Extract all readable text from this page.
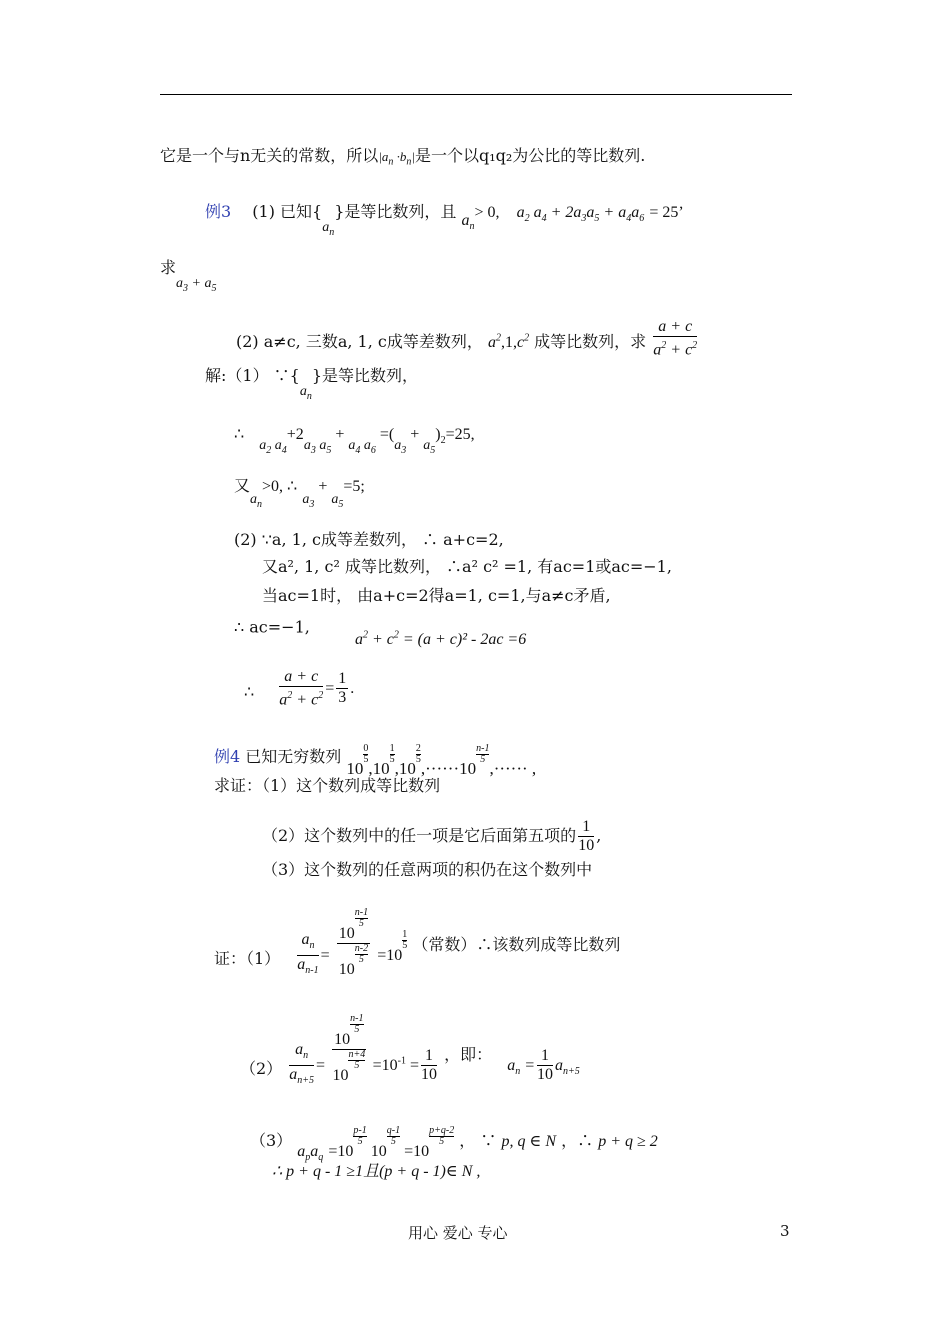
它是一个与n无关的常数，所以$|a_n \cdot b_n|$是一个以q₁q₂为公比的等比数列.
例3 (1) 已知$\{a_n\}$是等比数列，且 $a_n> 0$, $a_2$ $a_4 + 2a_3a_5 + a_4a_6 = 25$’
求$a_3 + a_5$
(2) a≠c, 三数a, 1, c成等差数列， $a^2,1,c^2$ 成等比数列，求 $\frac{a + c}{a^2 + c^2}$
解:（1） $\because\{a_n\}$是等比数列，
∴ $a_2$ $a_4+2a_3$ $a_5 + a_4$ $a_6 =(a_3 + a_5)_2=25$,
又$a_n>0$, ∴ $a_3 + a_5=5$;
(2) ∵a, 1, c成等差数列， ∴ a+c=2,
又a², 1, c² 成等比数列， ∴a² c² =1, 有ac=1或ac=−1,
当ac=1时， 由a+c=2得a=1, c=1,与a≠c矛盾,
∴ ac=−1, $a^2 + c^2 = (a + c)^2 - 2ac =6$
∴ $\frac{a + c}{a^2 + c^2} = \frac{1}{3}$ .
例4 已知无穷数列 10
$\frac{0}{5}$
,10
$\frac{1}{5}$
,10
$\frac{2}{5}$
,······10
$\frac{n-1}{5}$
,······ ,
求证：（1）这个数列成等比数列
（2）这个数列中的任一项是它后面第五项的 $\frac{1}{10}$ ,
（3）这个数列的任意两项的积仍在这个数列中
证：$(1) \frac{a_n}{a_{n-1}} = 10$
$\frac{n-1}{5}$
10
$\frac{n-2}{5} =10$
$\frac{1}{5}$ （常数）∴该数列成等比数列
$(2) \frac{a_n}{a_{n+5}} = 10$
$\frac{n-1}{5}$
10
$\frac{n+4}{5} =10^{-1} = \frac{1}{10}$ ，即： $a_n = \frac{1}{10} a_{n+5}$
（3） $a_pa_q =10$
$\frac{p-1}{5}$
10
$\frac{q-1}{5}$
=10
$\frac{p+q-2}{5}$ ， ∵ p, q ∈ N ，∴ p + q ≥ 2
∴ p + q - 1 ≥1且(p + q - 1)∈ N ,
用心 爱心 专心	3
